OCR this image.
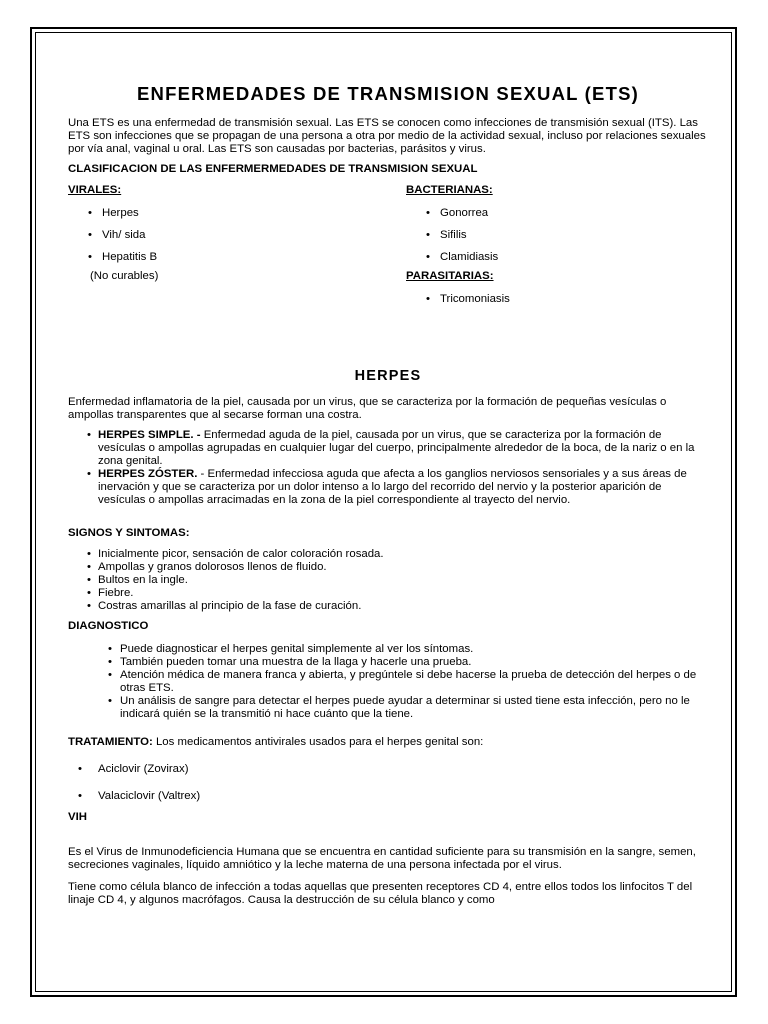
ENFERMEDADES DE TRANSMISION SEXUAL (ETS)

Una ETS es una enfermedad de transmisión sexual. Las ETS se conocen como infecciones de transmisión sexual (ITS). Las ETS son infecciones que se propagan de una persona a otra por medio de la actividad sexual, incluso por relaciones sexuales por vía anal, vaginal u oral. Las ETS son causadas por bacterias, parásitos y virus.

CLASIFICACION DE LAS ENFERMERMEDADES DE TRANSMISION SEXUAL

VIRALES:
• Herpes
• Vih/ sida
• Hepatitis B
(No curables)
BACTERIANAS:
• Gonorrea
• Sifilis
• Clamidiasis
PARASITARIAS:
• Tricomoniasis
HERPES

Enfermedad inflamatoria de la piel, causada por un virus, que se caracteriza por la formación de pequeñas vesículas o ampollas transparentes que al secarse forman una costra.

• HERPES SIMPLE. - Enfermedad aguda de la piel, causada por un virus, que se caracteriza por la formación de vesículas o ampollas agrupadas en cualquier lugar del cuerpo, principalmente alrededor de la boca, de la nariz o en la zona genital.
• HERPES ZÓSTER. - Enfermedad infecciosa aguda que afecta a los ganglios nerviosos sensoriales y a sus áreas de inervación y que se caracteriza por un dolor intenso a lo largo del recorrido del nervio y la posterior aparición de vesículas o ampollas arracimadas en la zona de la piel correspondiente al trayecto del nervio.

SIGNOS Y SINTOMAS:

• Inicialmente picor, sensación de calor coloración rosada.
• Ampollas y granos dolorosos llenos de fluido.
• Bultos en la ingle.
• Fiebre.
• Costras amarillas al principio de la fase de curación.

DIAGNOSTICO

• Puede diagnosticar el herpes genital simplemente al ver los síntomas.
• También pueden tomar una muestra de la llaga y hacerle una prueba.
• Atención médica de manera franca y abierta, y pregúntele si debe hacerse la prueba de detección del herpes o de otras ETS.
• Un análisis de sangre para detectar el herpes puede ayudar a determinar si usted tiene esta infección, pero no le indicará quién se la transmitió ni hace cuánto que la tiene.

TRATAMIENTO: Los medicamentos antivirales usados para el herpes genital son:

• Aciclovir (Zovirax)
• Valaciclovir (Valtrex)

VIH

Es el Virus de Inmunodeficiencia Humana que se encuentra en cantidad suficiente para su transmisión en la sangre, semen, secreciones vaginales, líquido amniótico y la leche materna de una persona infectada por el virus.

Tiene como célula blanco de infección a todas aquellas que presenten receptores CD 4, entre ellos todos los linfocitos T del linaje CD 4, y algunos macrófagos. Causa la destrucción de su célula blanco y como
